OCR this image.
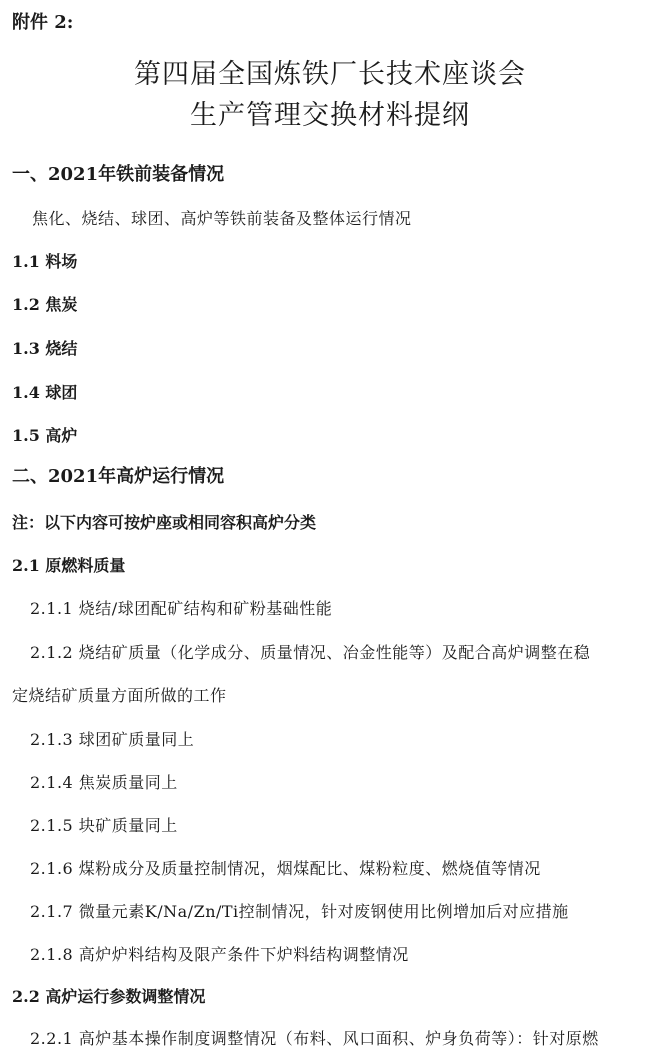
附件 2:
第四届全国炼铁厂长技术座谈会
生产管理交换材料提纲
一、2021年铁前装备情况
焦化、烧结、球团、高炉等铁前装备及整体运行情况
1.1 料场
1.2 焦炭
1.3 烧结
1.4 球团
1.5 高炉
二、2021年高炉运行情况
注：以下内容可按炉座或相同容积高炉分类
2.1 原燃料质量
2.1.1 烧结/球团配矿结构和矿粉基础性能
2.1.2 烧结矿质量（化学成分、质量情况、冶金性能等）及配合高炉调整在稳
定烧结矿质量方面所做的工作
2.1.3 球团矿质量同上
2.1.4 焦炭质量同上
2.1.5 块矿质量同上
2.1.6 煤粉成分及质量控制情况，烟煤配比、煤粉粒度、燃烧值等情况
2.1.7 微量元素K/Na/Zn/Ti控制情况，针对废钢使用比例增加后对应措施
2.1.8 高炉炉料结构及限产条件下炉料结构调整情况
2.2 高炉运行参数调整情况
2.2.1 高炉基本操作制度调整情况（布料、风口面积、炉身负荷等）：针对原燃
